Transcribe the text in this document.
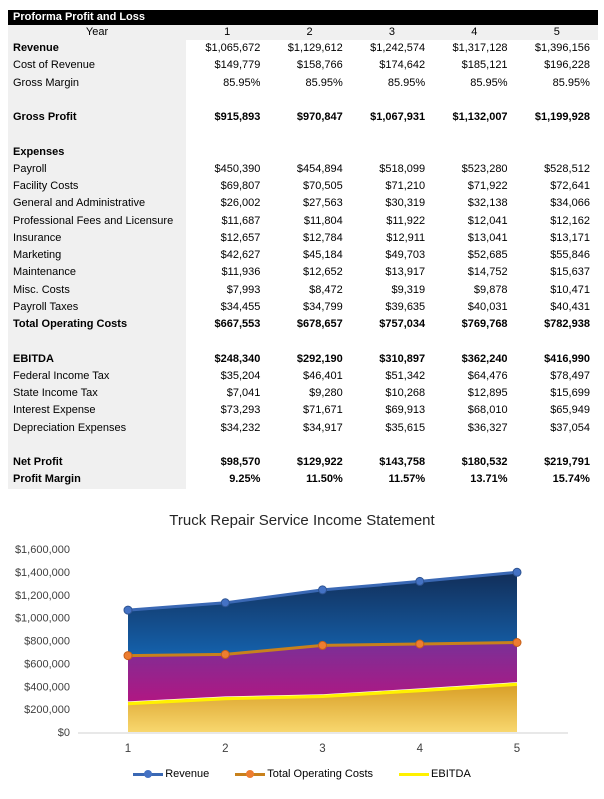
Proforma Profit and Loss
Year	1	2	3	4	5
Revenue	$1,065,672	$1,129,612	$1,242,574	$1,317,128	$1,396,156
Cost of Revenue	$149,779	$158,766	$174,642	$185,121	$196,228
Gross Margin	85.95%	85.95%	85.95%	85.95%	85.95%
Gross Profit	$915,893	$970,847	$1,067,931	$1,132,007	$1,199,928
Expenses
Payroll	$450,390	$454,894	$518,099	$523,280	$528,512
Facility Costs	$69,807	$70,505	$71,210	$71,922	$72,641
General and Administrative	$26,002	$27,563	$30,319	$32,138	$34,066
Professional Fees and Licensure	$11,687	$11,804	$11,922	$12,041	$12,162
Insurance	$12,657	$12,784	$12,911	$13,041	$13,171
Marketing	$42,627	$45,184	$49,703	$52,685	$55,846
Maintenance	$11,936	$12,652	$13,917	$14,752	$15,637
Misc. Costs	$7,993	$8,472	$9,319	$9,878	$10,471
Payroll Taxes	$34,455	$34,799	$39,635	$40,031	$40,431
Total Operating Costs	$667,553	$678,657	$757,034	$769,768	$782,938
EBITDA	$248,340	$292,190	$310,897	$362,240	$416,990
Federal Income Tax	$35,204	$46,401	$51,342	$64,476	$78,497
State Income Tax	$7,041	$9,280	$10,268	$12,895	$15,699
Interest Expense	$73,293	$71,671	$69,913	$68,010	$65,949
Depreciation Expenses	$34,232	$34,917	$35,615	$36,327	$37,054
Net Profit	$98,570	$129,922	$143,758	$180,532	$219,791
Profit Margin	9.25%	11.50%	11.57%	13.71%	15.74%
Truck Repair Service Income Statement
$1,600,000
$1,400,000
$1,200,000
$1,000,000
$800,000
$600,000
$400,000
$200,000
$0
1	2	3	4	5
Revenue	Total Operating Costs	EBITDA
